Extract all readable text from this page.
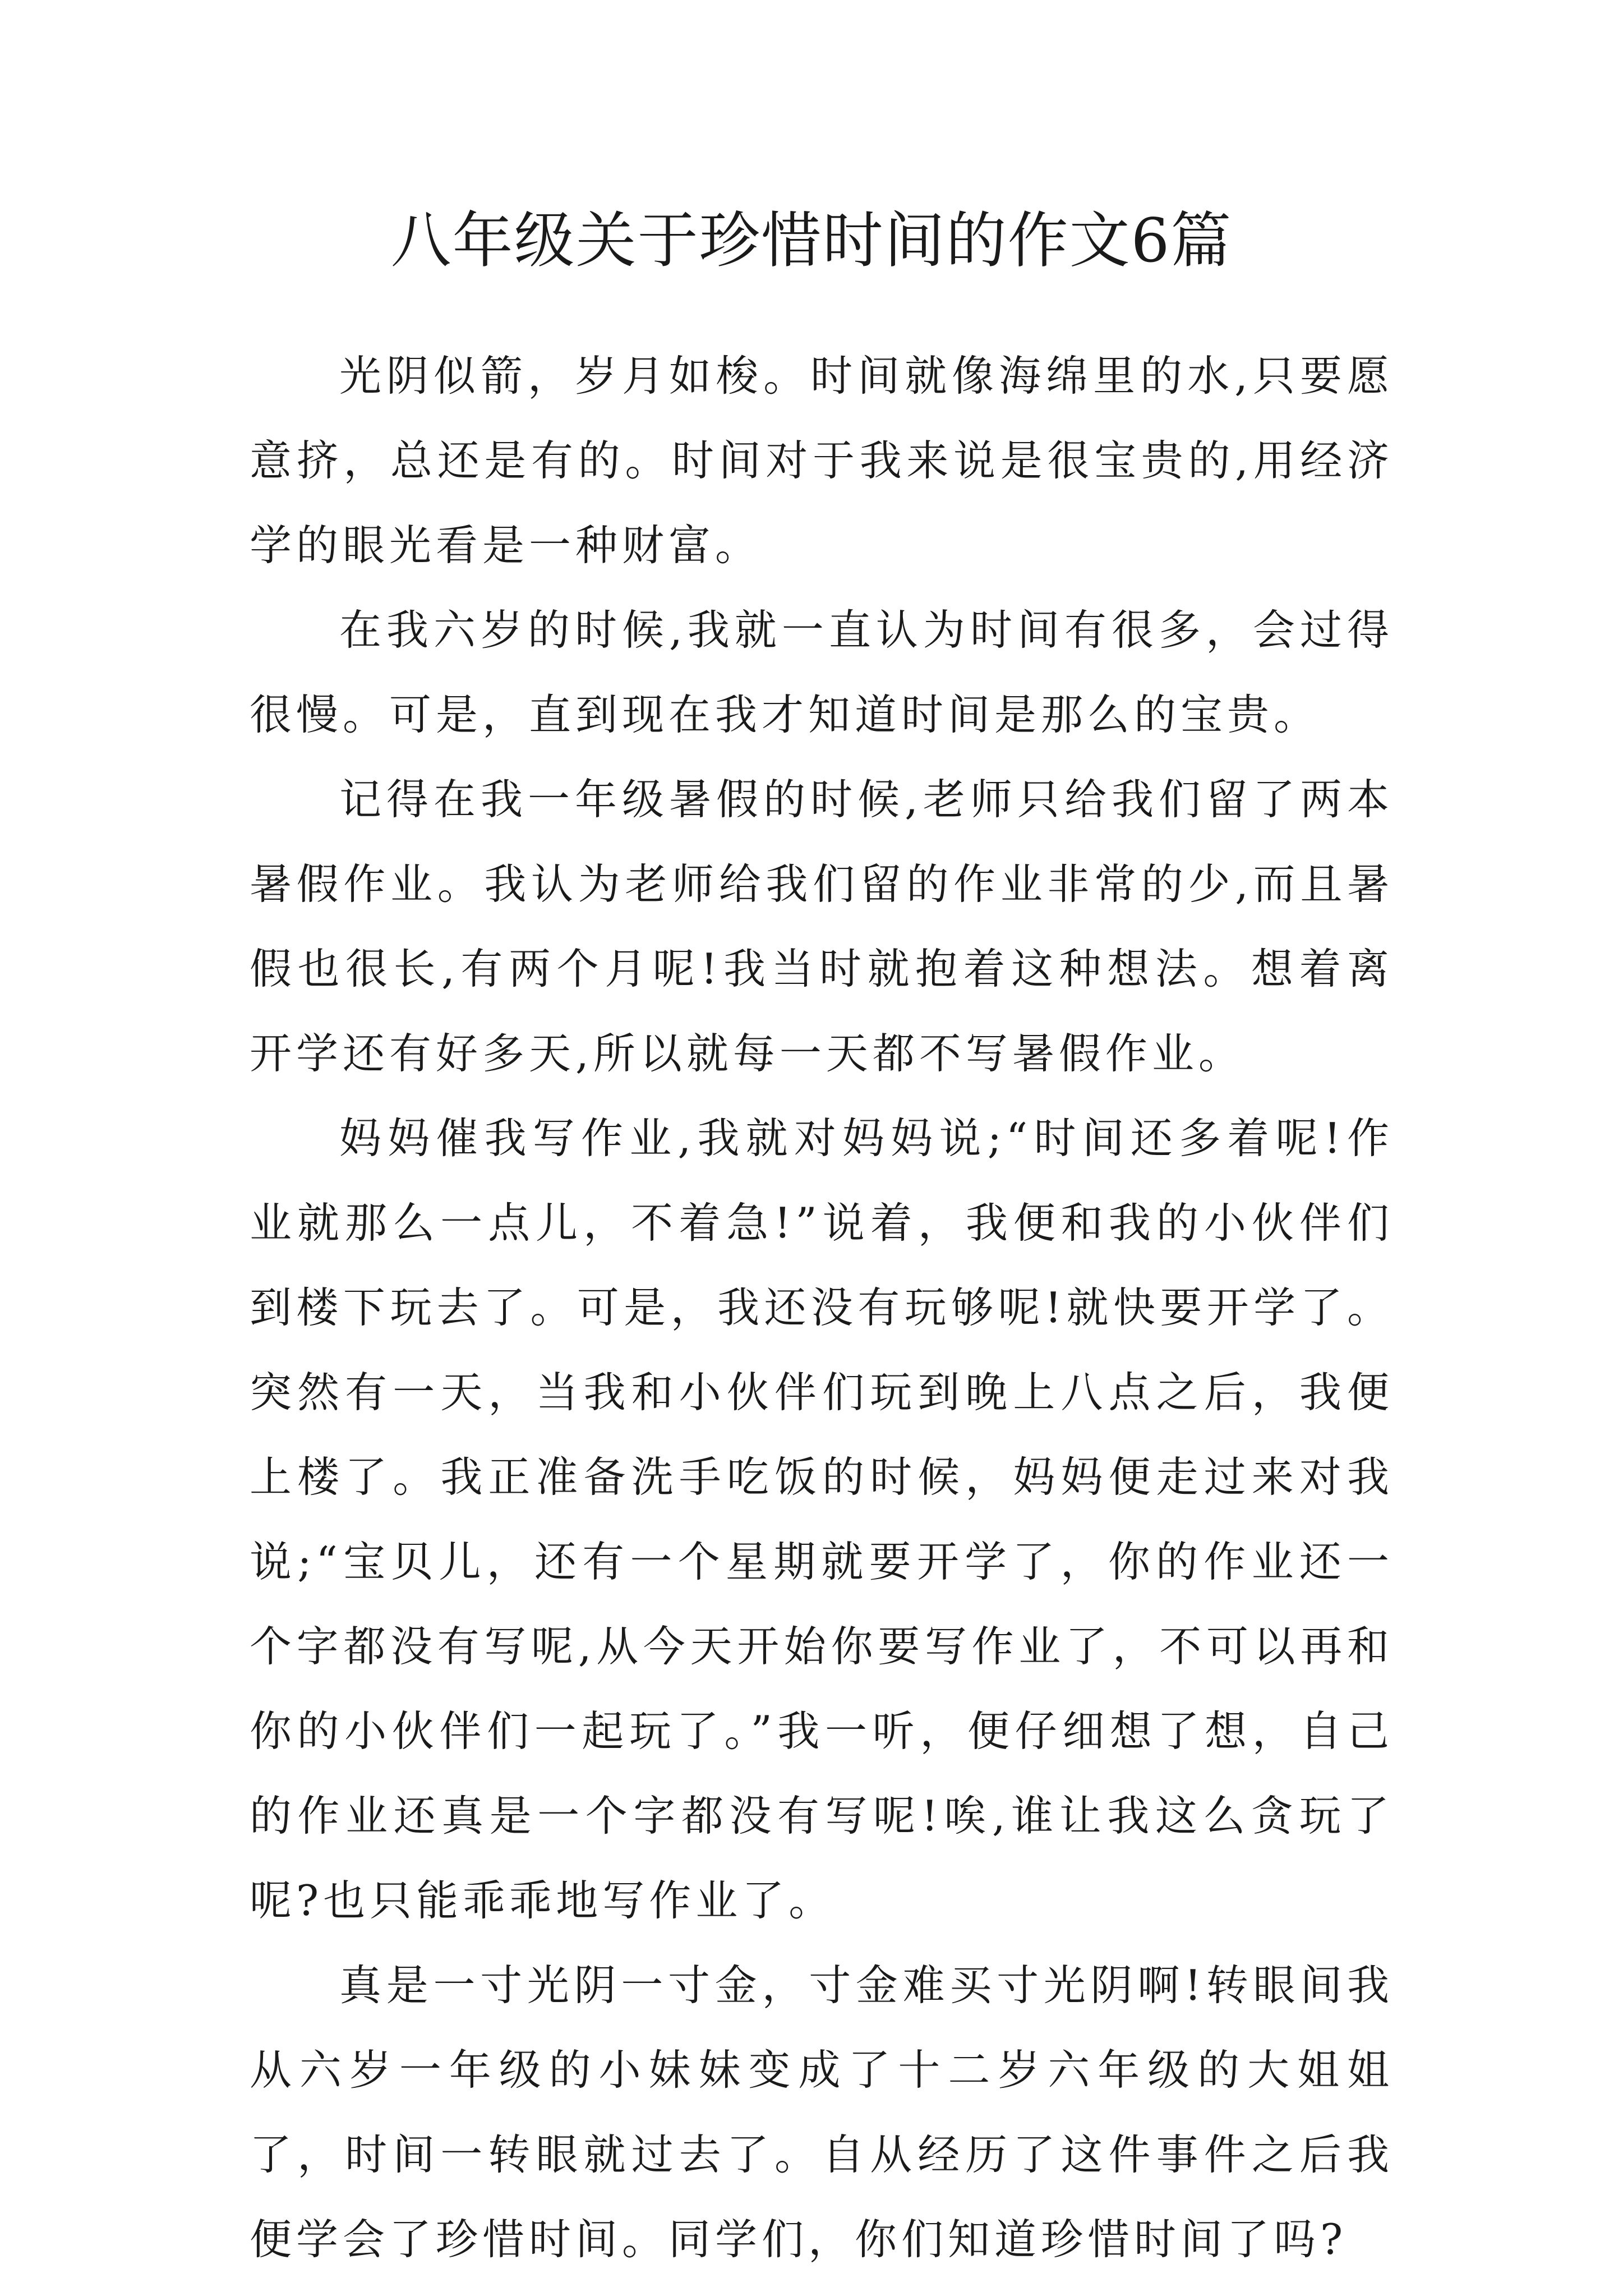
八年级关于珍惜时间的作文6篇

光阴似箭，岁月如梭。时间就像海绵里的水,只要愿意挤，总还是有的。时间对于我来说是很宝贵的,用经济学的眼光看是一种财富。

在我六岁的时候,我就一直认为时间有很多，会过得很慢。可是，直到现在我才知道时间是那么的宝贵。

记得在我一年级暑假的时候,老师只给我们留了两本暑假作业。我认为老师给我们留的作业非常的少,而且暑假也很长,有两个月呢!我当时就抱着这种想法。想着离开学还有好多天,所以就每一天都不写暑假作业。

妈妈催我写作业,我就对妈妈说;“时间还多着呢!作业就那么一点儿，不着急!”说着，我便和我的小伙伴们到楼下玩去了。可是，我还没有玩够呢!就快要开学了。突然有一天，当我和小伙伴们玩到晚上八点之后，我便上楼了。我正准备洗手吃饭的时候，妈妈便走过来对我说;“宝贝儿，还有一个星期就要开学了，你的作业还一个字都没有写呢,从今天开始你要写作业了，不可以再和你的小伙伴们一起玩了。”我一听，便仔细想了想，自己的作业还真是一个字都没有写呢!唉,谁让我这么贪玩了呢?也只能乖乖地写作业了。

真是一寸光阴一寸金，寸金难买寸光阴啊!转眼间我从六岁一年级的小妹妹变成了十二岁六年级的大姐姐了，时间一转眼就过去了。自从经历了这件事件之后我便学会了珍惜时间。同学们，你们知道珍惜时间了吗?
